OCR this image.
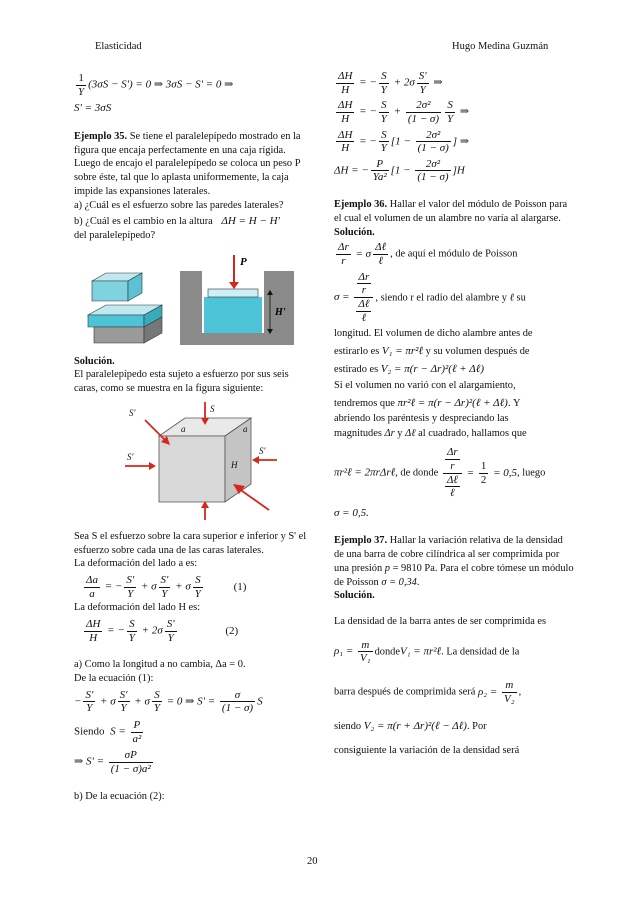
Elasticidad	Hugo Medina Guzmán
$\frac{1}{Y} (3\sigma S - S') = 0$ ⇒ 3σS − S' = 0 ⇒
S' = 3σS
Ejemplo 35. Se tiene el paralelepípedo mostrado en la figura que encaja perfectamente en una caja rígida. Luego de encajo el paralelepípedo se coloca un peso P sobre éste, tal que lo aplasta uniformemente, la caja impide las expansiones laterales.
a) ¿Cuál es el esfuerzo sobre las paredes laterales?
b) ¿Cuál es el cambio en la altura ΔH = H − H'
del paralelepípedo?
P
H'
Solución.
El paralelepípedo esta sujeto a esfuerzo por sus seis caras, como se muestra en la figura siguiente:
S
S'
a	a
S'
H
S'
Sea S el esfuerzo sobre la cara superior e inferior y S' el esfuerzo sobre cada una de las caras laterales.
La deformación del lado a es:
$\frac{\Delta a}{a}$ = − $\frac{S'}{Y} + \sigma \frac{S'}{Y} + \sigma \frac{S}{Y}$	(1)
La deformación del lado H es:
$\frac{\Delta H}{H}$ = − $\frac{S}{Y} + 2\sigma \frac{S'}{Y}$	(2)
a) Como la longitud a no cambia, Δa = 0.
De la ecuación (1):
− $\frac{S'}{Y} + \sigma \frac{S'}{Y} + \sigma \frac{S}{Y} = 0$ ⇒ $S' = \frac{\sigma}{(1 - \sigma)}$ S
Siendo  $S = \frac{P}{\text{a²}}$
⇒ $S' = \frac{\sigma P}{\text{(1 − σ)a²}}$
b) De la ecuación (2):
$\frac{\Delta H}{H}$ = − $\frac{S}{Y} + 2\sigma \frac{S'}{Y}$ ⇒
$\frac{\Delta H}{H}$ = − $\frac{S}{Y} + \frac{\text{2σ²}}{(1 - \sigma)} \frac{S}{Y}$ ⇒
$\frac{\Delta H}{H}$ = − $\frac{S}{Y} [1 - \frac{\text{2σ²}}{(1 - \sigma)}$ ] ⇒
ΔH = − $\frac{P}{\text{Ya²}} [1 - \frac{\text{2σ²}}{(1 - \sigma)} ]H$
Ejemplo 36. Hallar el valor del módulo de Poisson para el cual el volumen de un alambre no varía al alargarse.
Solución.
$\frac{\Delta r}{r} = \sigma \frac{\text{Δℓ}}{\text{ℓ}}$ , de aquí el módulo de Poisson
$\sigma = \frac{\frac{\Delta r}{r}}{\frac{\text{Δℓ}}{\text{ℓ}}}$ , siendo r el radio del alambre y ℓ su
longitud. El volumen de dicho alambre antes de
estirarlo es V₁ = πr²ℓ y su volumen después de
estirado es V₂ = π(r − Δr)²(ℓ + Δℓ)
Si el volumen no varió con el alargamiento,
tendremos que πr²ℓ = π(r − Δr)²(ℓ + Δℓ). Y
abriendo los paréntesis y despreciando las
magnitudes Δr y Δℓ al cuadrado, hallamos que
πr²ℓ = 2πrΔrℓ, de donde $\frac{\frac{\Delta r}{r}}{\frac{\text{Δℓ}}{\text{ℓ}}} = \frac{1}{2} = 0,5$, luego
σ = 0,5.
Ejemplo 37. Hallar la variación relativa de la densidad de una barra de cobre cilíndrica al ser comprimida por una presión p = 9810 Pa. Para el cobre tómese un módulo de Poisson σ = 0,34.
Solución.
La densidad de la barra antes de ser comprimida es
$\rho_1 = \frac{m}{\text{V₁}}$ dondeV₁ = πr²ℓ. La densidad de la
barra después de comprimida será $\rho_2 = \frac{m}{\text{V₂}}$ ,
siendo V₂ = π(r + Δr)²(ℓ − Δℓ). Por
consiguiente la variación de la densidad será
20
